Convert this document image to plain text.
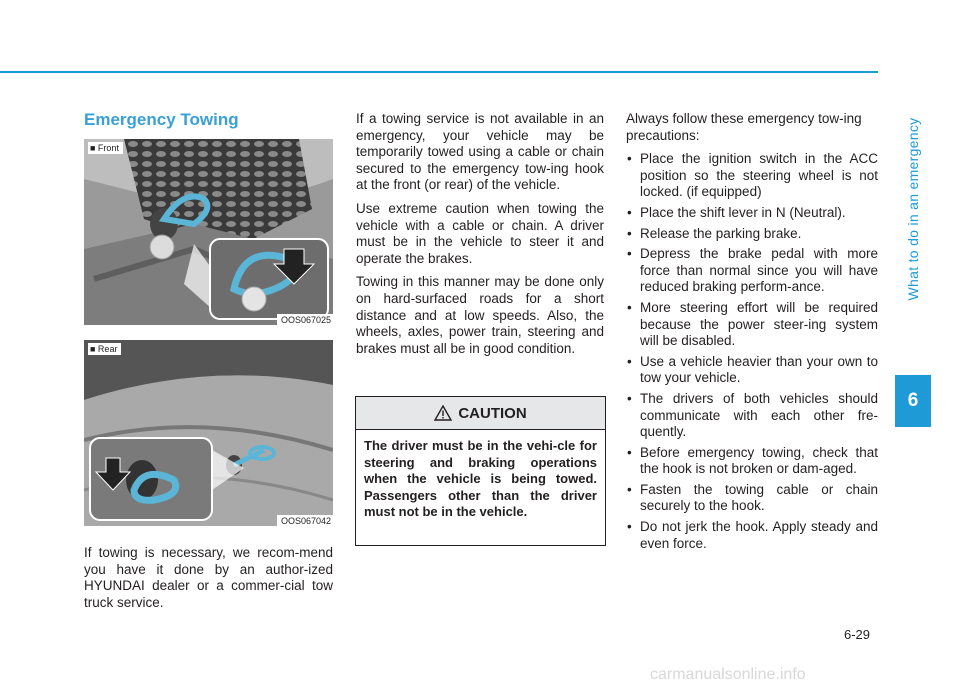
What to do in an emergency
6
Emergency Towing
■ Front
OOS067025
■ Rear
OOS067042

If towing is necessary, we recom-mend you have it done by an author-ized HYUNDAI dealer or a commer-cial tow truck service.

If a towing service is not available in an emergency, your vehicle may be temporarily towed using a cable or chain secured to the emergency tow-ing hook at the front (or rear) of the vehicle.

Use extreme caution when towing the vehicle with a cable or chain. A driver must be in the vehicle to steer it and operate the brakes.

Towing in this manner may be done only on hard-surfaced roads for a short distance and at low speeds. Also, the wheels, axles, power train, steering and brakes must all be in good condition.

CAUTION
The driver must be in the vehi-cle for steering and braking operations when the vehicle is being towed. Passengers other than the driver must not be in the vehicle.

Always follow these emergency tow-ing precautions:

• Place the ignition switch in the ACC position so the steering wheel is not locked. (if equipped)
• Place the shift lever in N (Neutral).
• Release the parking brake.
• Depress the brake pedal with more force than normal since you will have reduced braking perform-ance.
• More steering effort will be required because the power steer-ing system will be disabled.
• Use a vehicle heavier than your own to tow your vehicle.
• The drivers of both vehicles should communicate with each other fre-quently.
• Before emergency towing, check that the hook is not broken or dam-aged.
• Fasten the towing cable or chain securely to the hook.
• Do not jerk the hook. Apply steady and even force.
6-29
carmanualsonline.info
